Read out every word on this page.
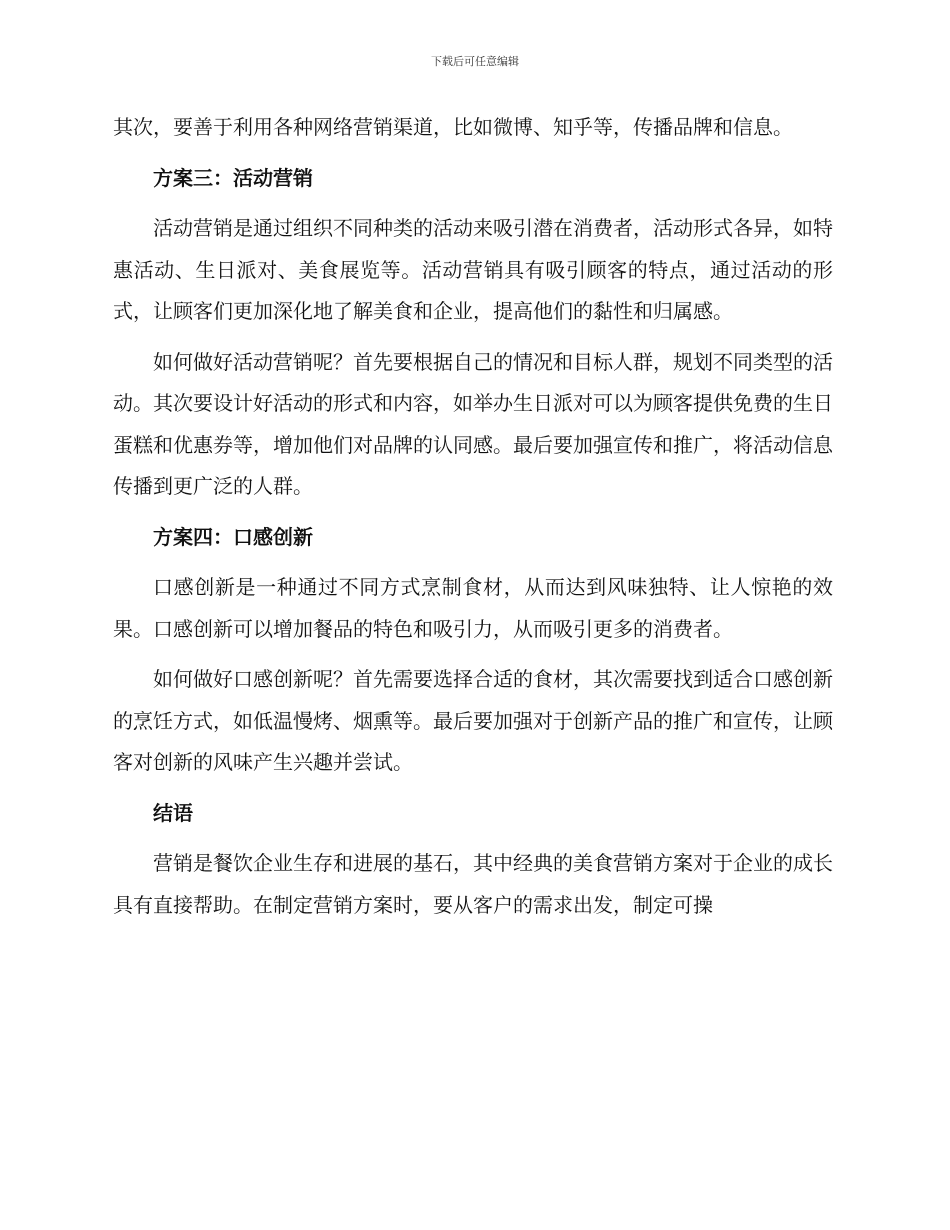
下载后可任意编辑

其次，要善于利用各种网络营销渠道，比如微博、知乎等，传播品牌和信息。

方案三：活动营销

活动营销是通过组织不同种类的活动来吸引潜在消费者，活动形式各异，如特惠活动、生日派对、美食展览等。活动营销具有吸引顾客的特点，通过活动的形式，让顾客们更加深化地了解美食和企业，提高他们的黏性和归属感。

如何做好活动营销呢？首先要根据自己的情况和目标人群，规划不同类型的活动。其次要设计好活动的形式和内容，如举办生日派对可以为顾客提供免费的生日蛋糕和优惠券等，增加他们对品牌的认同感。最后要加强宣传和推广，将活动信息传播到更广泛的人群。

方案四：口感创新

口感创新是一种通过不同方式烹制食材，从而达到风味独特、让人惊艳的效果。口感创新可以增加餐品的特色和吸引力，从而吸引更多的消费者。

如何做好口感创新呢？首先需要选择合适的食材，其次需要找到适合口感创新的烹饪方式，如低温慢烤、烟熏等。最后要加强对于创新产品的推广和宣传，让顾客对创新的风味产生兴趣并尝试。

结语

营销是餐饮企业生存和进展的基石，其中经典的美食营销方案对于企业的成长具有直接帮助。在制定营销方案时，要从客户的需求出发，制定可操
